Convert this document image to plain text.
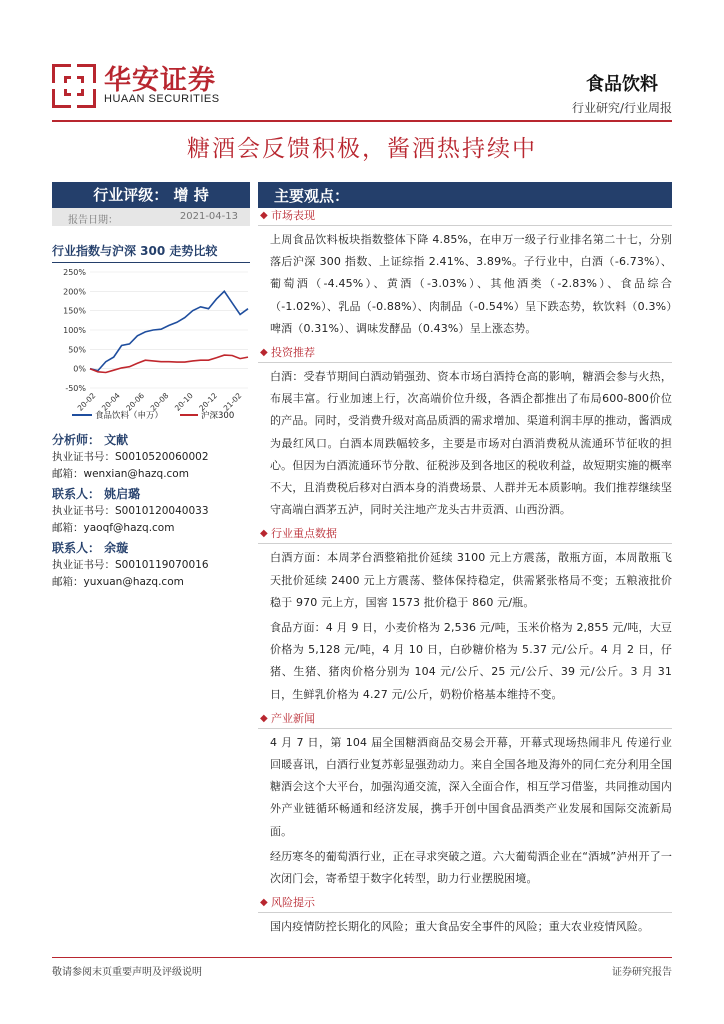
华安证券
HUAAN SECURITIES
食品饮料
行业研究/行业周报
糖酒会反馈积极，酱酒热持续中
行业评级： 增 持
报告日期：	2021-04-13
行业指数与沪深 300 走势比较
250%
200%
150%
100%
50%
0%
-50%
20-02 20-04 20-06 20-08 20-10 20-12 21-02
食品饮料（申万）	沪深300
分析师： 文献
执业证书号：S0010520060002
邮箱：wenxian@hazq.com
联系人： 姚启璐
执业证书号：S0010120040033
邮箱：yaoqf@hazq.com
联系人： 余璇
执业证书号：S0010119070016
邮箱：yuxuan@hazq.com
主要观点：
◆ 市场表现

上周食品饮料板块指数整体下降 4.85%，在申万一级子行业排名第二十七，分别落后沪深 300 指数、上证综指 2.41%、3.89%。子行业中，白酒（-6.73%）、葡萄酒（-4.45%）、黄酒（-3.03%）、其他酒类（-2.83%）、食品综合（-1.02%）、乳品（-0.88%）、肉制品（-0.54%）呈下跌态势，软饮料（0.3%）啤酒（0.31%）、调味发酵品（0.43%）呈上涨态势。

◆ 投资推荐

白酒：受春节期间白酒动销强劲、资本市场白酒持仓高的影响，糖酒会参与火热，布展丰富。行业加速上行，次高端价位升级，各酒企都推出了布局600-800价位的产品。同时，受消费升级对高品质酒的需求增加、渠道利润丰厚的推动，酱酒成为最红风口。白酒本周跌幅较多，主要是市场对白酒消费税从流通环节征收的担心。但因为白酒流通环节分散、征税涉及到各地区的税收利益，故短期实施的概率不大，且消费税后移对白酒本身的消费场景、人群并无本质影响。我们推荐继续坚守高端白酒茅五泸，同时关注地产龙头古井贡酒、山西汾酒。

◆ 行业重点数据

白酒方面：本周茅台酒整箱批价延续 3100 元上方震荡，散瓶方面，本周散瓶飞天批价延续 2400 元上方震荡、整体保持稳定，供需紧张格局不变；五粮液批价稳于 970 元上方，国窖 1573 批价稳于 860 元/瓶。

食品方面：4 月 9 日，小麦价格为 2,536 元/吨，玉米价格为 2,855 元/吨，大豆价格为 5,128 元/吨，4 月 10 日，白砂糖价格为 5.37 元/公斤。4 月 2 日，仔猪、生猪、猪肉价格分别为 104 元/公斤、25 元/公斤、39 元/公斤。3 月 31 日，生鲜乳价格为 4.27 元/公斤，奶粉价格基本维持不变。

◆ 产业新闻

4 月 7 日，第 104 届全国糖酒商品交易会开幕，开幕式现场热闹非凡 传递行业回暖喜讯，白酒行业复苏彰显强劲动力。来自全国各地及海外的同仁充分利用全国糖酒会这个大平台，加强沟通交流，深入全面合作，相互学习借鉴，共同推动国内外产业链循环畅通和经济发展，携手开创中国食品酒类产业发展和国际交流新局面。

经历寒冬的葡萄酒行业，正在寻求突破之道。六大葡萄酒企业在“酒城”泸州开了一次闭门会，寄希望于数字化转型，助力行业摆脱困境。

◆ 风险提示

国内疫情防控长期化的风险；重大食品安全事件的风险；重大农业疫情风险。

敬请参阅末页重要声明及评级说明	证券研究报告
